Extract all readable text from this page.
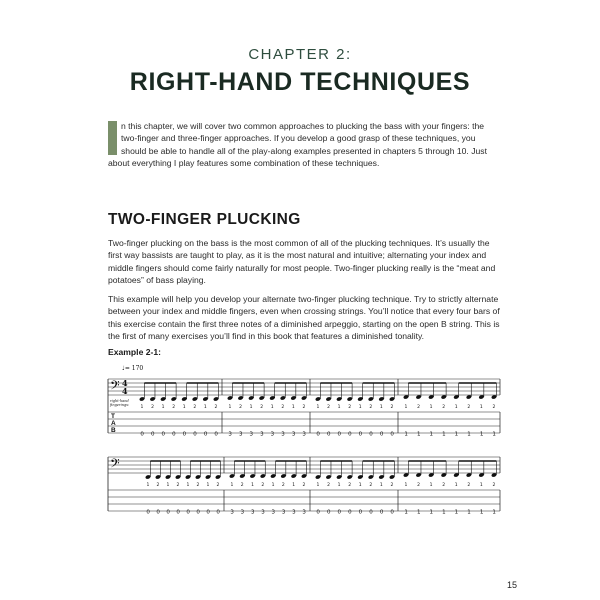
CHAPTER 2:
RIGHT-HAND TECHNIQUES
n this chapter, we will cover two common approaches to plucking the bass with your fingers: the two-finger and three-finger approaches. If you develop a good grasp of these techniques, you should be able to handle all of the play-along examples presented in chapters 5 through 10. Just about everything I play features some combination of these techniques.
TWO-FINGER PLUCKING
Two-finger plucking on the bass is the most common of all of the plucking techniques. It’s usually the first way bassists are taught to play, as it is the most natural and intuitive; alternating your index and middle fingers should come fairly naturally for most people. Two-finger plucking really is the “meat and potatoes” of bass playing.
This example will help you develop your alternate two-finger plucking technique. Try to strictly alternate between your index and middle fingers, even when crossing strings. You’ll notice that every four bars of this exercise contain the first three notes of a diminished arpeggio, starting on the open B string. This is the first of many exercises you’ll find in this book that features a diminished tonality.
Example 2-1:
♩= 170
𝄢 4
4
right-hand
fingerings:
T
A
B
1
0
2
0
1
0
2
0
1
0
2
0
1
0
2
0
1
3
2
3
1
3
2
3
1
3
2
3
1
3
2
3
1
0
2
0
1
0
2
0
1
0
2
0
1
0
2
0
1
1
2
1
1
1
2
1
1
1
2
1
1
1
2
1
𝄢
1
0
2
0
1
0
2
0
1
0
2
0
1
0
2
0
1
3
2
3
1
3
2
3
1
3
2
3
1
3
2
3
1
0
2
0
1
0
2
0
1
0
2
0
1
0
2
0
1
1
2
1
1
1
2
1
1
1
2
1
1
1
2
1
15
